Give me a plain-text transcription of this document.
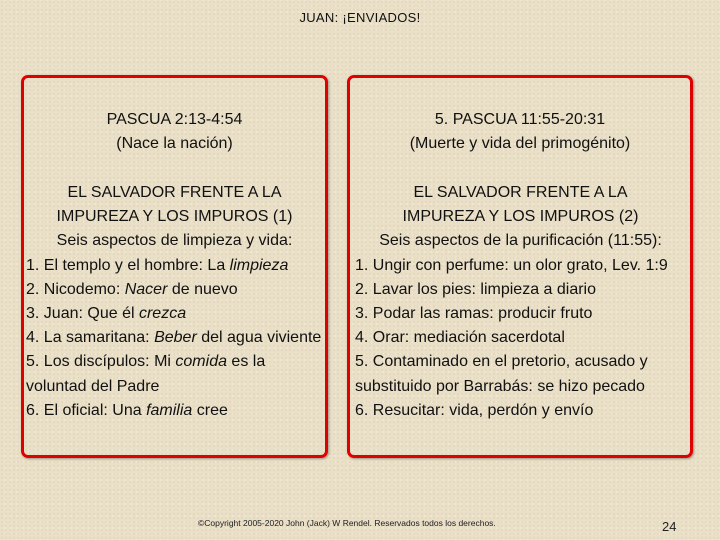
JUAN: ¡ENVIADOS!
PASCUA 2:13-4:54
(Nace la nación)
EL SALVADOR FRENTE A LA
IMPUREZA Y LOS IMPUROS (1)
Seis aspectos de limpieza y vida:
1. El templo y el hombre: La limpieza
2. Nicodemo: Nacer de nuevo
3. Juan: Que él crezca
4. La samaritana: Beber del agua viviente
5. Los discípulos: Mi comida es la voluntad del Padre
6. El oficial: Una familia cree
5. PASCUA 11:55-20:31
(Muerte y vida del primogénito)
EL SALVADOR FRENTE A LA
IMPUREZA Y LOS IMPUROS (2)
Seis aspectos de la purificación (11:55):
1. Ungir con perfume: un olor grato, Lev. 1:9
2. Lavar los pies: limpieza a diario
3. Podar las ramas: producir fruto
4. Orar: mediación sacerdotal
5. Contaminado en el pretorio, acusado y substituido por Barrabás: se hizo pecado
6. Resucitar: vida, perdón y envío
©Copyright 2005-2020 John (Jack) W Rendel. Reservados todos los derechos.	24
